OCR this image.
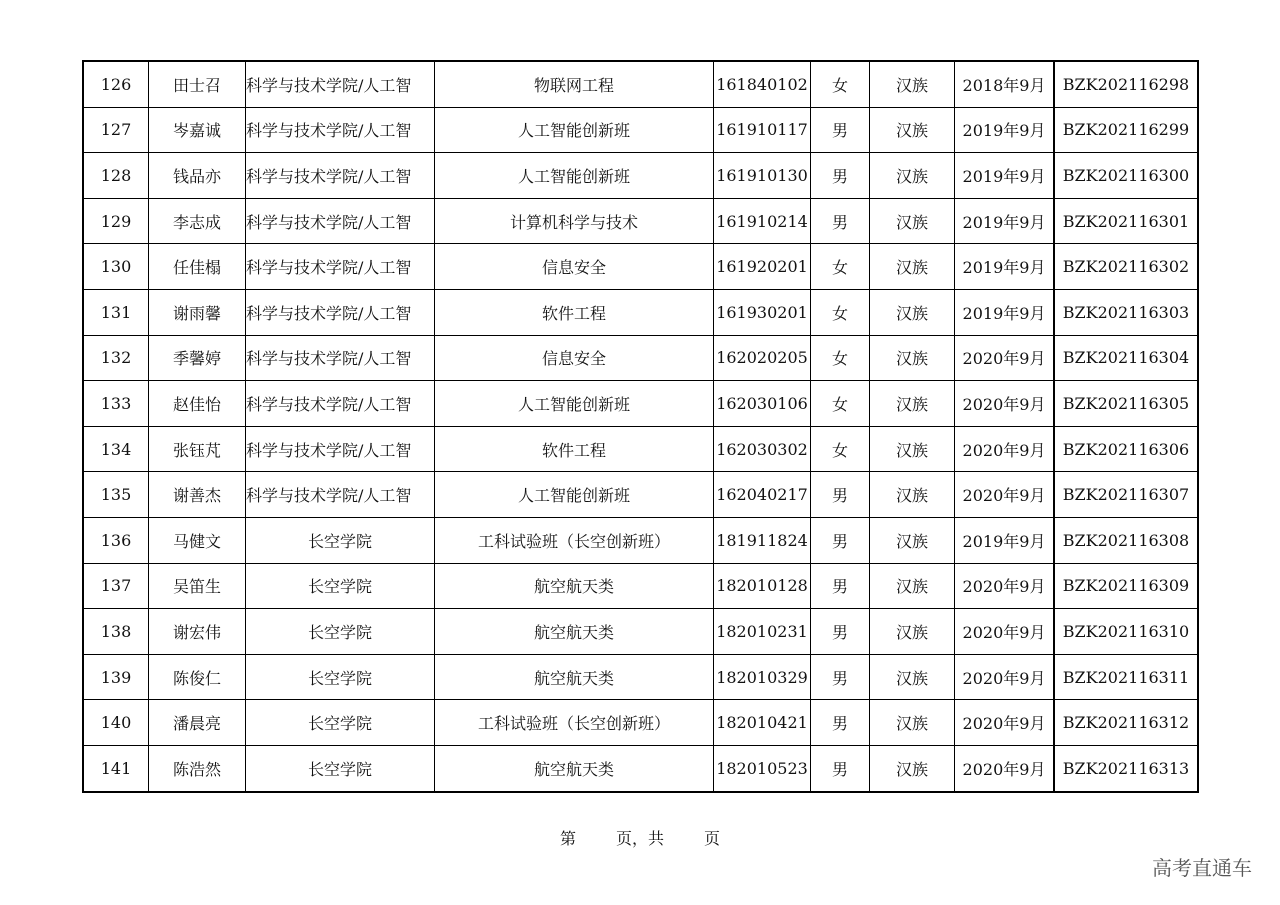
126	田士召	科学与技术学院/人工智	物联网工程	161840102	女	汉族	2018年9月	BZK202116298
127	岑嘉诚	科学与技术学院/人工智	人工智能创新班	161910117	男	汉族	2019年9月	BZK202116299
128	钱品亦	科学与技术学院/人工智	人工智能创新班	161910130	男	汉族	2019年9月	BZK202116300
129	李志成	科学与技术学院/人工智	计算机科学与技术	161910214	男	汉族	2019年9月	BZK202116301
130	任佳榻	科学与技术学院/人工智	信息安全	161920201	女	汉族	2019年9月	BZK202116302
131	谢雨馨	科学与技术学院/人工智	软件工程	161930201	女	汉族	2019年9月	BZK202116303
132	季馨婷	科学与技术学院/人工智	信息安全	162020205	女	汉族	2020年9月	BZK202116304
133	赵佳怡	科学与技术学院/人工智	人工智能创新班	162030106	女	汉族	2020年9月	BZK202116305
134	张钰芃	科学与技术学院/人工智	软件工程	162030302	女	汉族	2020年9月	BZK202116306
135	谢善杰	科学与技术学院/人工智	人工智能创新班	162040217	男	汉族	2020年9月	BZK202116307
136	马健文	长空学院	工科试验班（长空创新班）	181911824	男	汉族	2019年9月	BZK202116308
137	吴笛生	长空学院	航空航天类	182010128	男	汉族	2020年9月	BZK202116309
138	谢宏伟	长空学院	航空航天类	182010231	男	汉族	2020年9月	BZK202116310
139	陈俊仁	长空学院	航空航天类	182010329	男	汉族	2020年9月	BZK202116311
140	潘晨亮	长空学院	工科试验班（长空创新班）	182010421	男	汉族	2020年9月	BZK202116312
141	陈浩然	长空学院	航空航天类	182010523	男	汉族	2020年9月	BZK202116313
第	页，共	页
高考直通车
